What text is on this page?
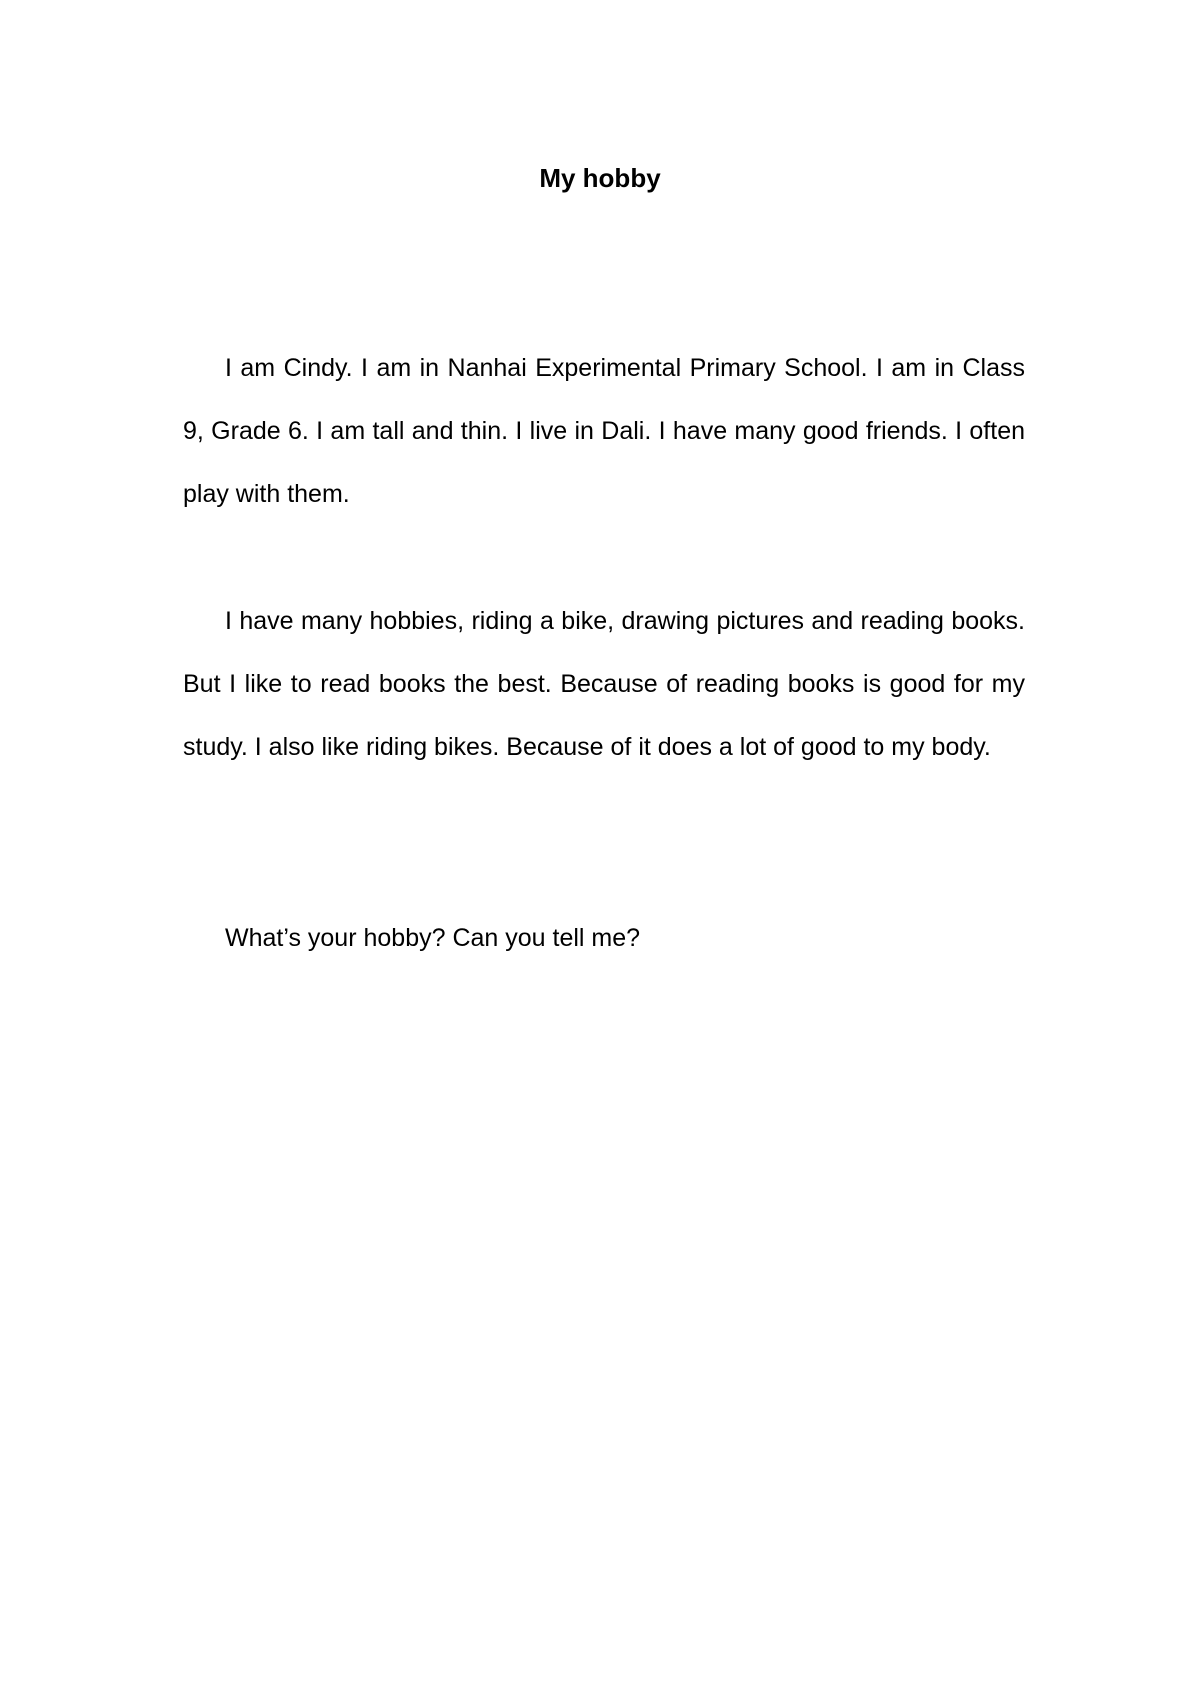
My hobby

I am Cindy. I am in Nanhai Experimental Primary School. I am in Class 9, Grade 6. I am tall and thin. I live in Dali. I have many good friends. I often play with them.

I have many hobbies, riding a bike, drawing pictures and reading books. But I like to read books the best. Because of reading books is good for my study. I also like riding bikes. Because of it does a lot of good to my body.

What’s your hobby? Can you tell me?
